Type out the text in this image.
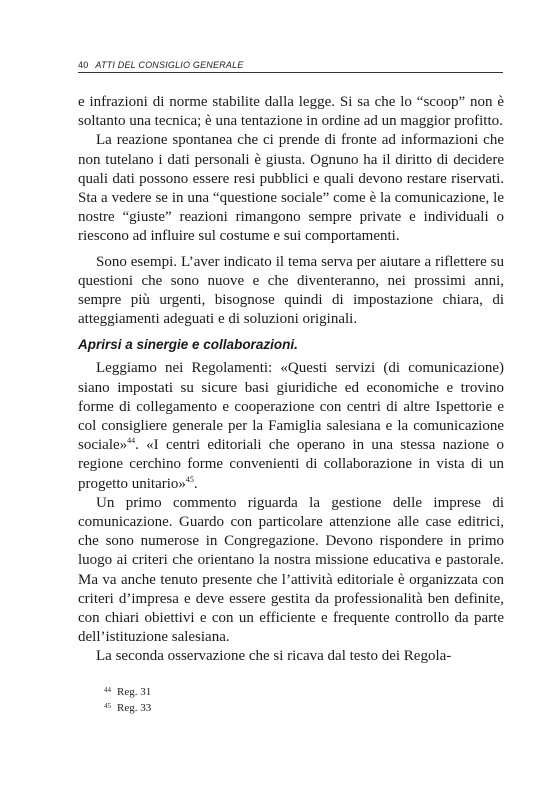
40 ATTI DEL CONSIGLIO GENERALE

e infrazioni di norme stabilite dalla legge. Si sa che lo “scoop” non è soltanto una tecnica; è una tentazione in ordine ad un maggior profitto.

La reazione spontanea che ci prende di fronte ad informazioni che non tutelano i dati personali è giusta. Ognuno ha il diritto di decidere quali dati possono essere resi pubblici e quali devono restare riservati. Sta a vedere se in una “questione sociale” come è la comunicazione, le nostre “giuste” reazioni rimangono sempre private e individuali o riescono ad influire sul costume e sui comportamenti.

Sono esempi. L’aver indicato il tema serva per aiutare a riflettere su questioni che sono nuove e che diventeranno, nei prossimi anni, sempre più urgenti, bisognose quindi di impostazione chiara, di atteggiamenti adeguati e di soluzioni originali.

Aprirsi a sinergie e collaborazioni.

Leggiamo nei Regolamenti: «Questi servizi (di comunicazione) siano impostati su sicure basi giuridiche ed economiche e trovino forme di collegamento e cooperazione con centri di altre Ispettorie e col consigliere generale per la Famiglia salesiana e la comunicazione sociale»$^{44}$. «I centri editoriali che operano in una stessa nazione o regione cerchino forme convenienti di collaborazione in vista di un progetto unitario»$^{45}$.

Un primo commento riguarda la gestione delle imprese di comunicazione. Guardo con particolare attenzione alle case editrici, che sono numerose in Congregazione. Devono rispondere in primo luogo ai criteri che orientano la nostra missione educativa e pastorale. Ma va anche tenuto presente che l’attività editoriale è organizzata con criteri d’impresa e deve essere gestita da professionalità ben definite, con chiari obiettivi e con un efficiente e frequente controllo da parte dell’istituzione salesiana.

La seconda osservazione che si ricava dal testo dei Regola-

$^{44}$ Reg. 31
$^{45}$ Reg. 33
